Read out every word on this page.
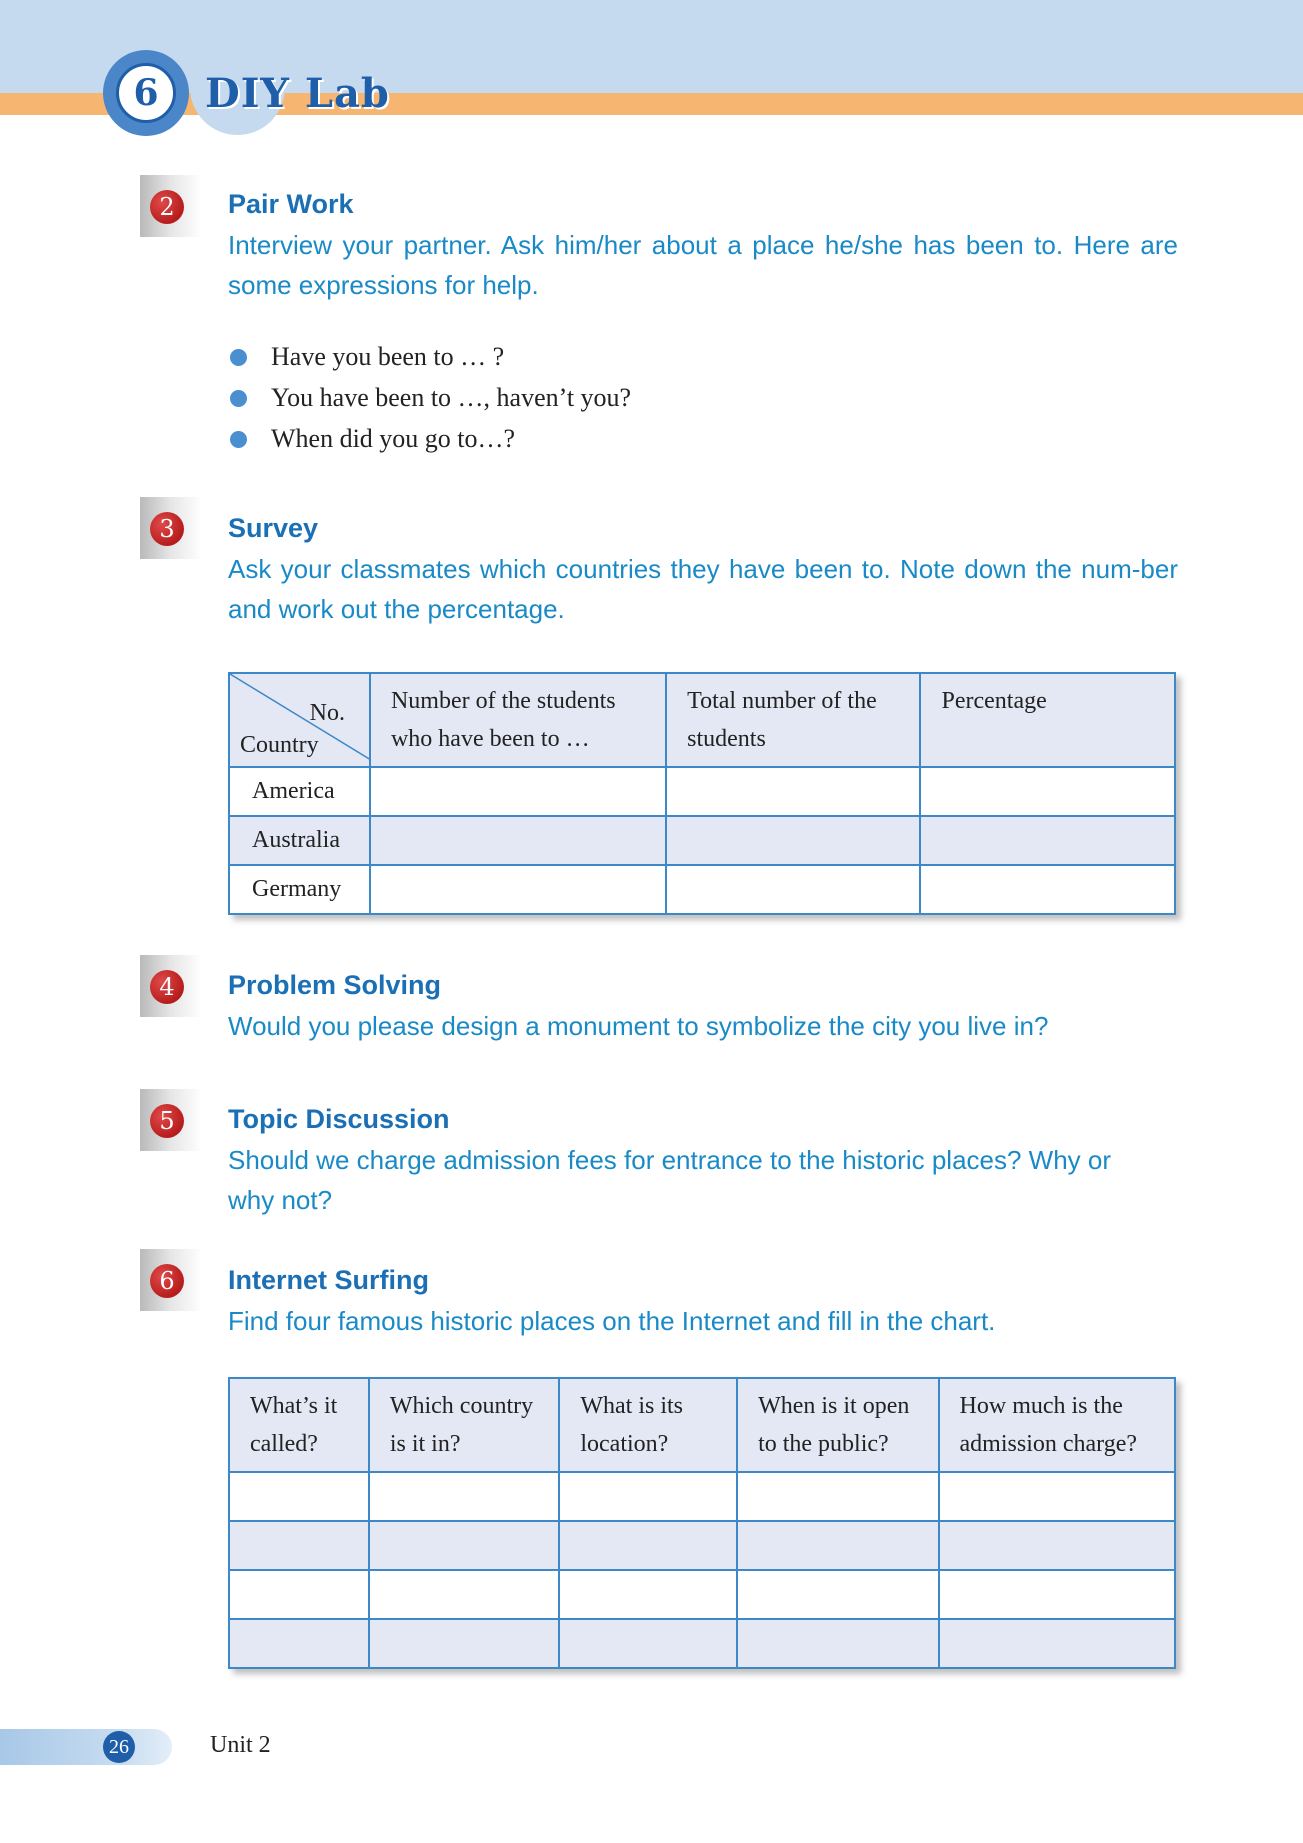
6	DIY Lab
2	Pair Work
Interview your partner. Ask him/her about a place he/she has been to. Here are some expressions for help.
Have you been to … ?
You have been to …, haven’t you?
When did you go to…?
3	Survey
Ask your classmates which countries they have been to. Note down the num-ber and work out the percentage.
No.
Country	Number of the students who have been to …	Total number of the students	Percentage
America			
Australia			
Germany			
4	Problem Solving
Would you please design a monument to symbolize the city you live in?
5	Topic Discussion
Should we charge admission fees for entrance to the historic places? Why or why not?
6	Internet Surfing
Find four famous historic places on the Internet and fill in the chart.
What’s it called?	Which country is it in?	What is its location?	When is it open to the public?	How much is the admission charge?

26	Unit 2
